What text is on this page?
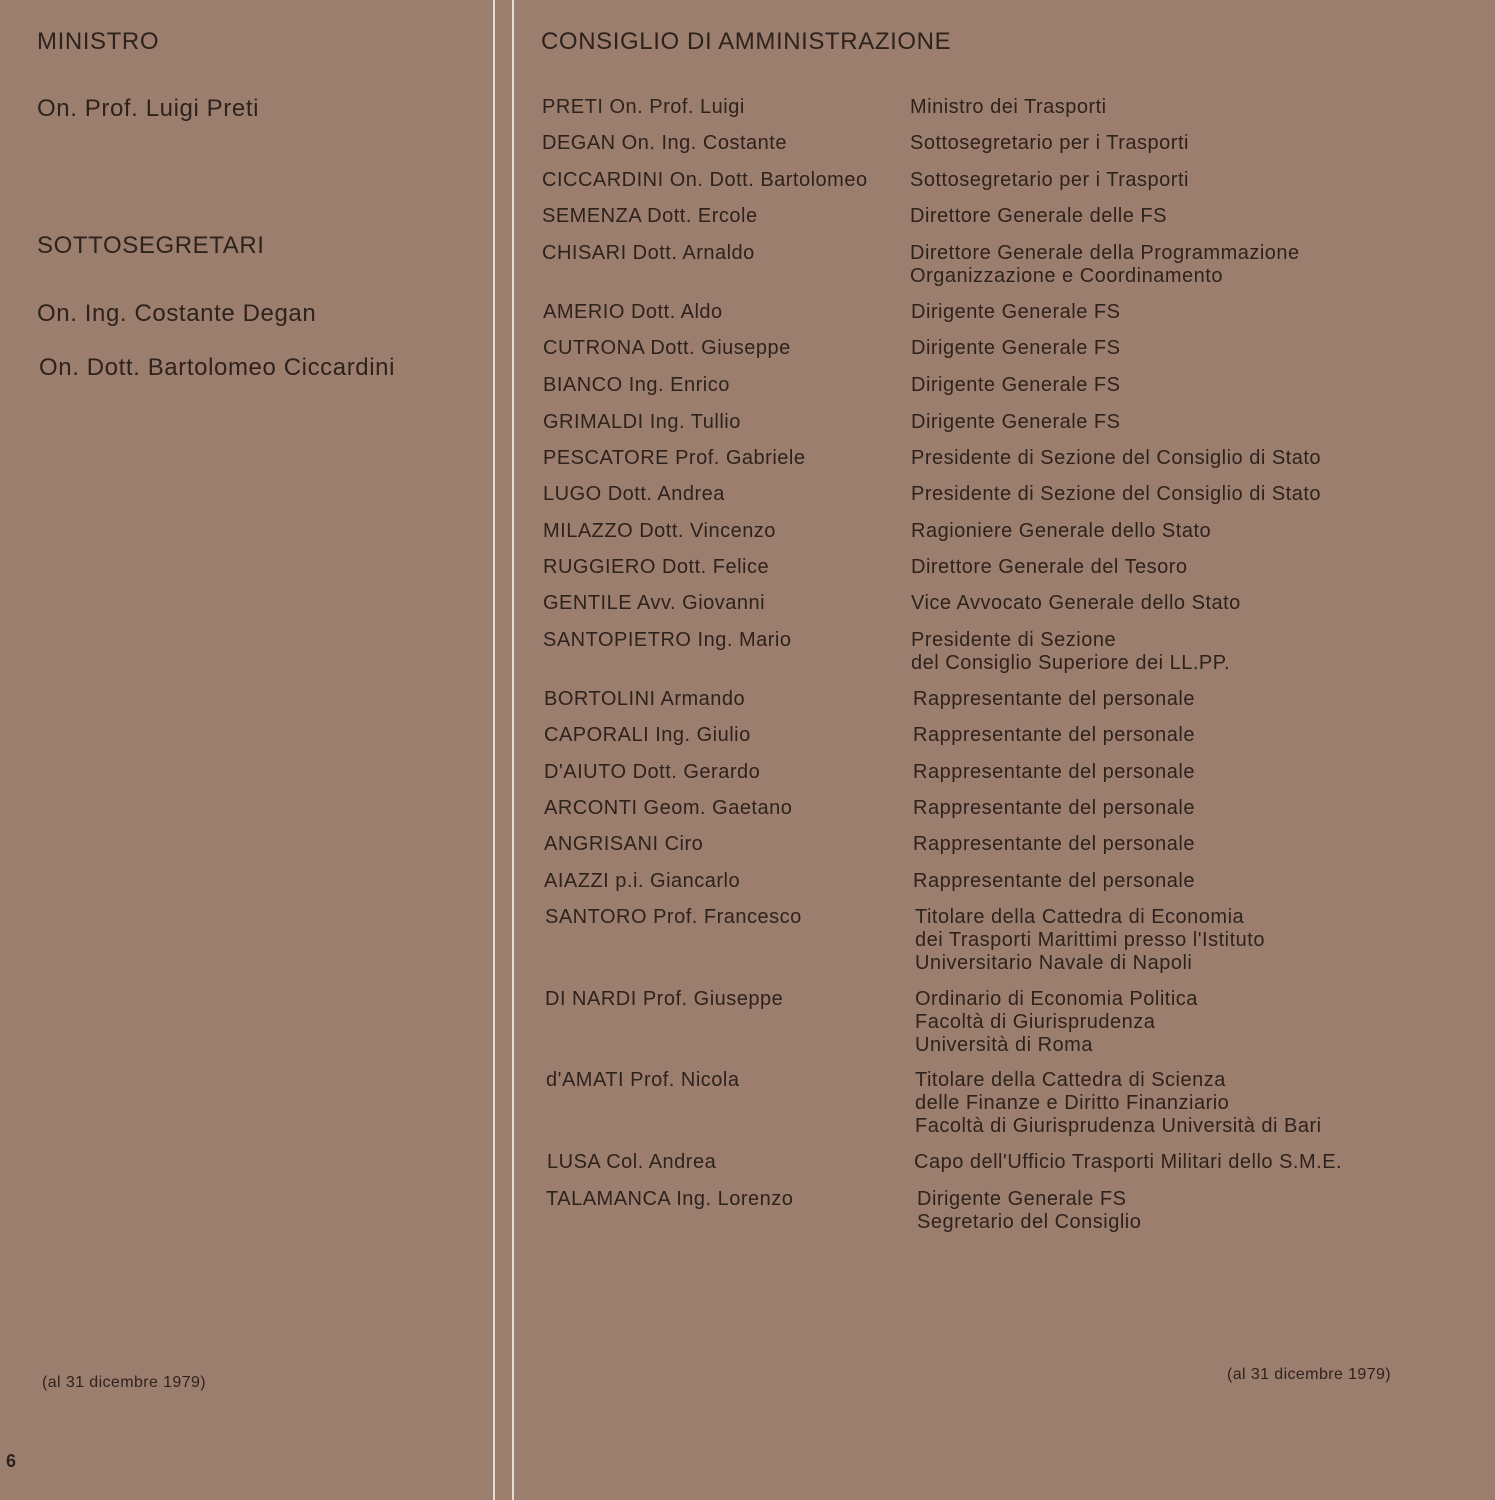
MINISTRO
On. Prof. Luigi Preti
SOTTOSEGRETARI
On. Ing. Costante Degan
On. Dott. Bartolomeo Ciccardini
(al 31 dicembre 1979)
6
CONSIGLIO DI AMMINISTRAZIONE
PRETI On. Prof. Luigi	Ministro dei Trasporti
DEGAN On. Ing. Costante	Sottosegretario per i Trasporti
CICCARDINI On. Dott. Bartolomeo Sottosegretario per i Trasporti
SEMENZA Dott. Ercole	Direttore Generale delle FS
CHISARI Dott. Arnaldo	Direttore Generale della Programmazione
Organizzazione e Coordinamento
AMERIO Dott. Aldo	Dirigente Generale FS
CUTRONA Dott. Giuseppe	Dirigente Generale FS
BIANCO Ing. Enrico	Dirigente Generale FS
GRIMALDI Ing. Tullio	Dirigente Generale FS
PESCATORE Prof. Gabriele	Presidente di Sezione del Consiglio di Stato
LUGO Dott. Andrea	Presidente di Sezione del Consiglio di Stato
MILAZZO Dott. Vincenzo	Ragioniere Generale dello Stato
RUGGIERO Dott. Felice	Direttore Generale del Tesoro
GENTILE Avv. Giovanni	Vice Avvocato Generale dello Stato
SANTOPIETRO Ing. Mario	Presidente di Sezione
del Consiglio Superiore dei LL.PP.
BORTOLINI Armando	Rappresentante del personale
CAPORALI Ing. Giulio	Rappresentante del personale
D'AIUTO Dott. Gerardo	Rappresentante del personale
ARCONTI Geom. Gaetano	Rappresentante del personale
ANGRISANI Ciro	Rappresentante del personale
AIAZZI p.i. Giancarlo	Rappresentante del personale
SANTORO Prof. Francesco	Titolare della Cattedra di Economia
dei Trasporti Marittimi presso l'Istituto
Universitario Navale di Napoli
DI NARDI Prof. Giuseppe	Ordinario di Economia Politica
Facoltà di Giurisprudenza
Università di Roma
d'AMATI Prof. Nicola	Titolare della Cattedra di Scienza
delle Finanze e Diritto Finanziario
Facoltà di Giurisprudenza Università di Bari
LUSA Col. Andrea	Capo dell'Ufficio Trasporti Militari dello S.M.E.
TALAMANCA Ing. Lorenzo	Dirigente Generale FS
Segretario del Consiglio
(al 31 dicembre 1979)
